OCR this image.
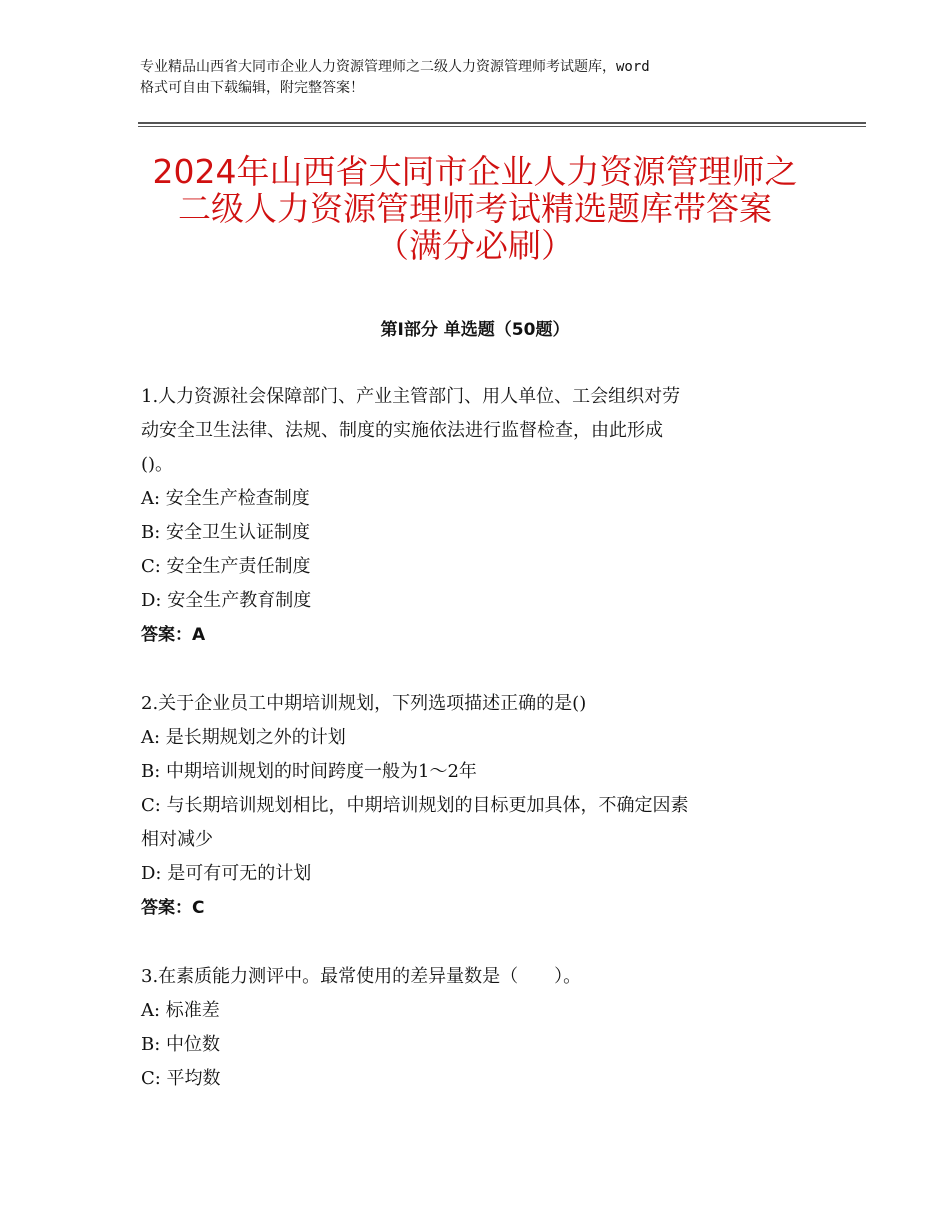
专业精品山西省大同市企业人力资源管理师之二级人力资源管理师考试题库，word
格式可自由下载编辑，附完整答案！
2024年山西省大同市企业人力资源管理师之
二级人力资源管理师考试精选题库带答案
（满分必刷）
第Ⅰ部分 单选题（50题）
1.人力资源社会保障部门、产业主管部门、用人单位、工会组织对劳
动安全卫生法律、法规、制度的实施依法进行监督检查，由此形成
()。
A: 安全生产检查制度
B: 安全卫生认证制度
C: 安全生产责任制度
D: 安全生产教育制度
答案：A
2.关于企业员工中期培训规划，下列选项描述正确的是()
A: 是长期规划之外的计划
B: 中期培训规划的时间跨度一般为1～2年
C: 与长期培训规划相比，中期培训规划的目标更加具体，不确定因素
相对减少
D: 是可有可无的计划
答案：C
3.在素质能力测评中。最常使用的差异量数是（　　）。
A: 标准差
B: 中位数
C: 平均数
